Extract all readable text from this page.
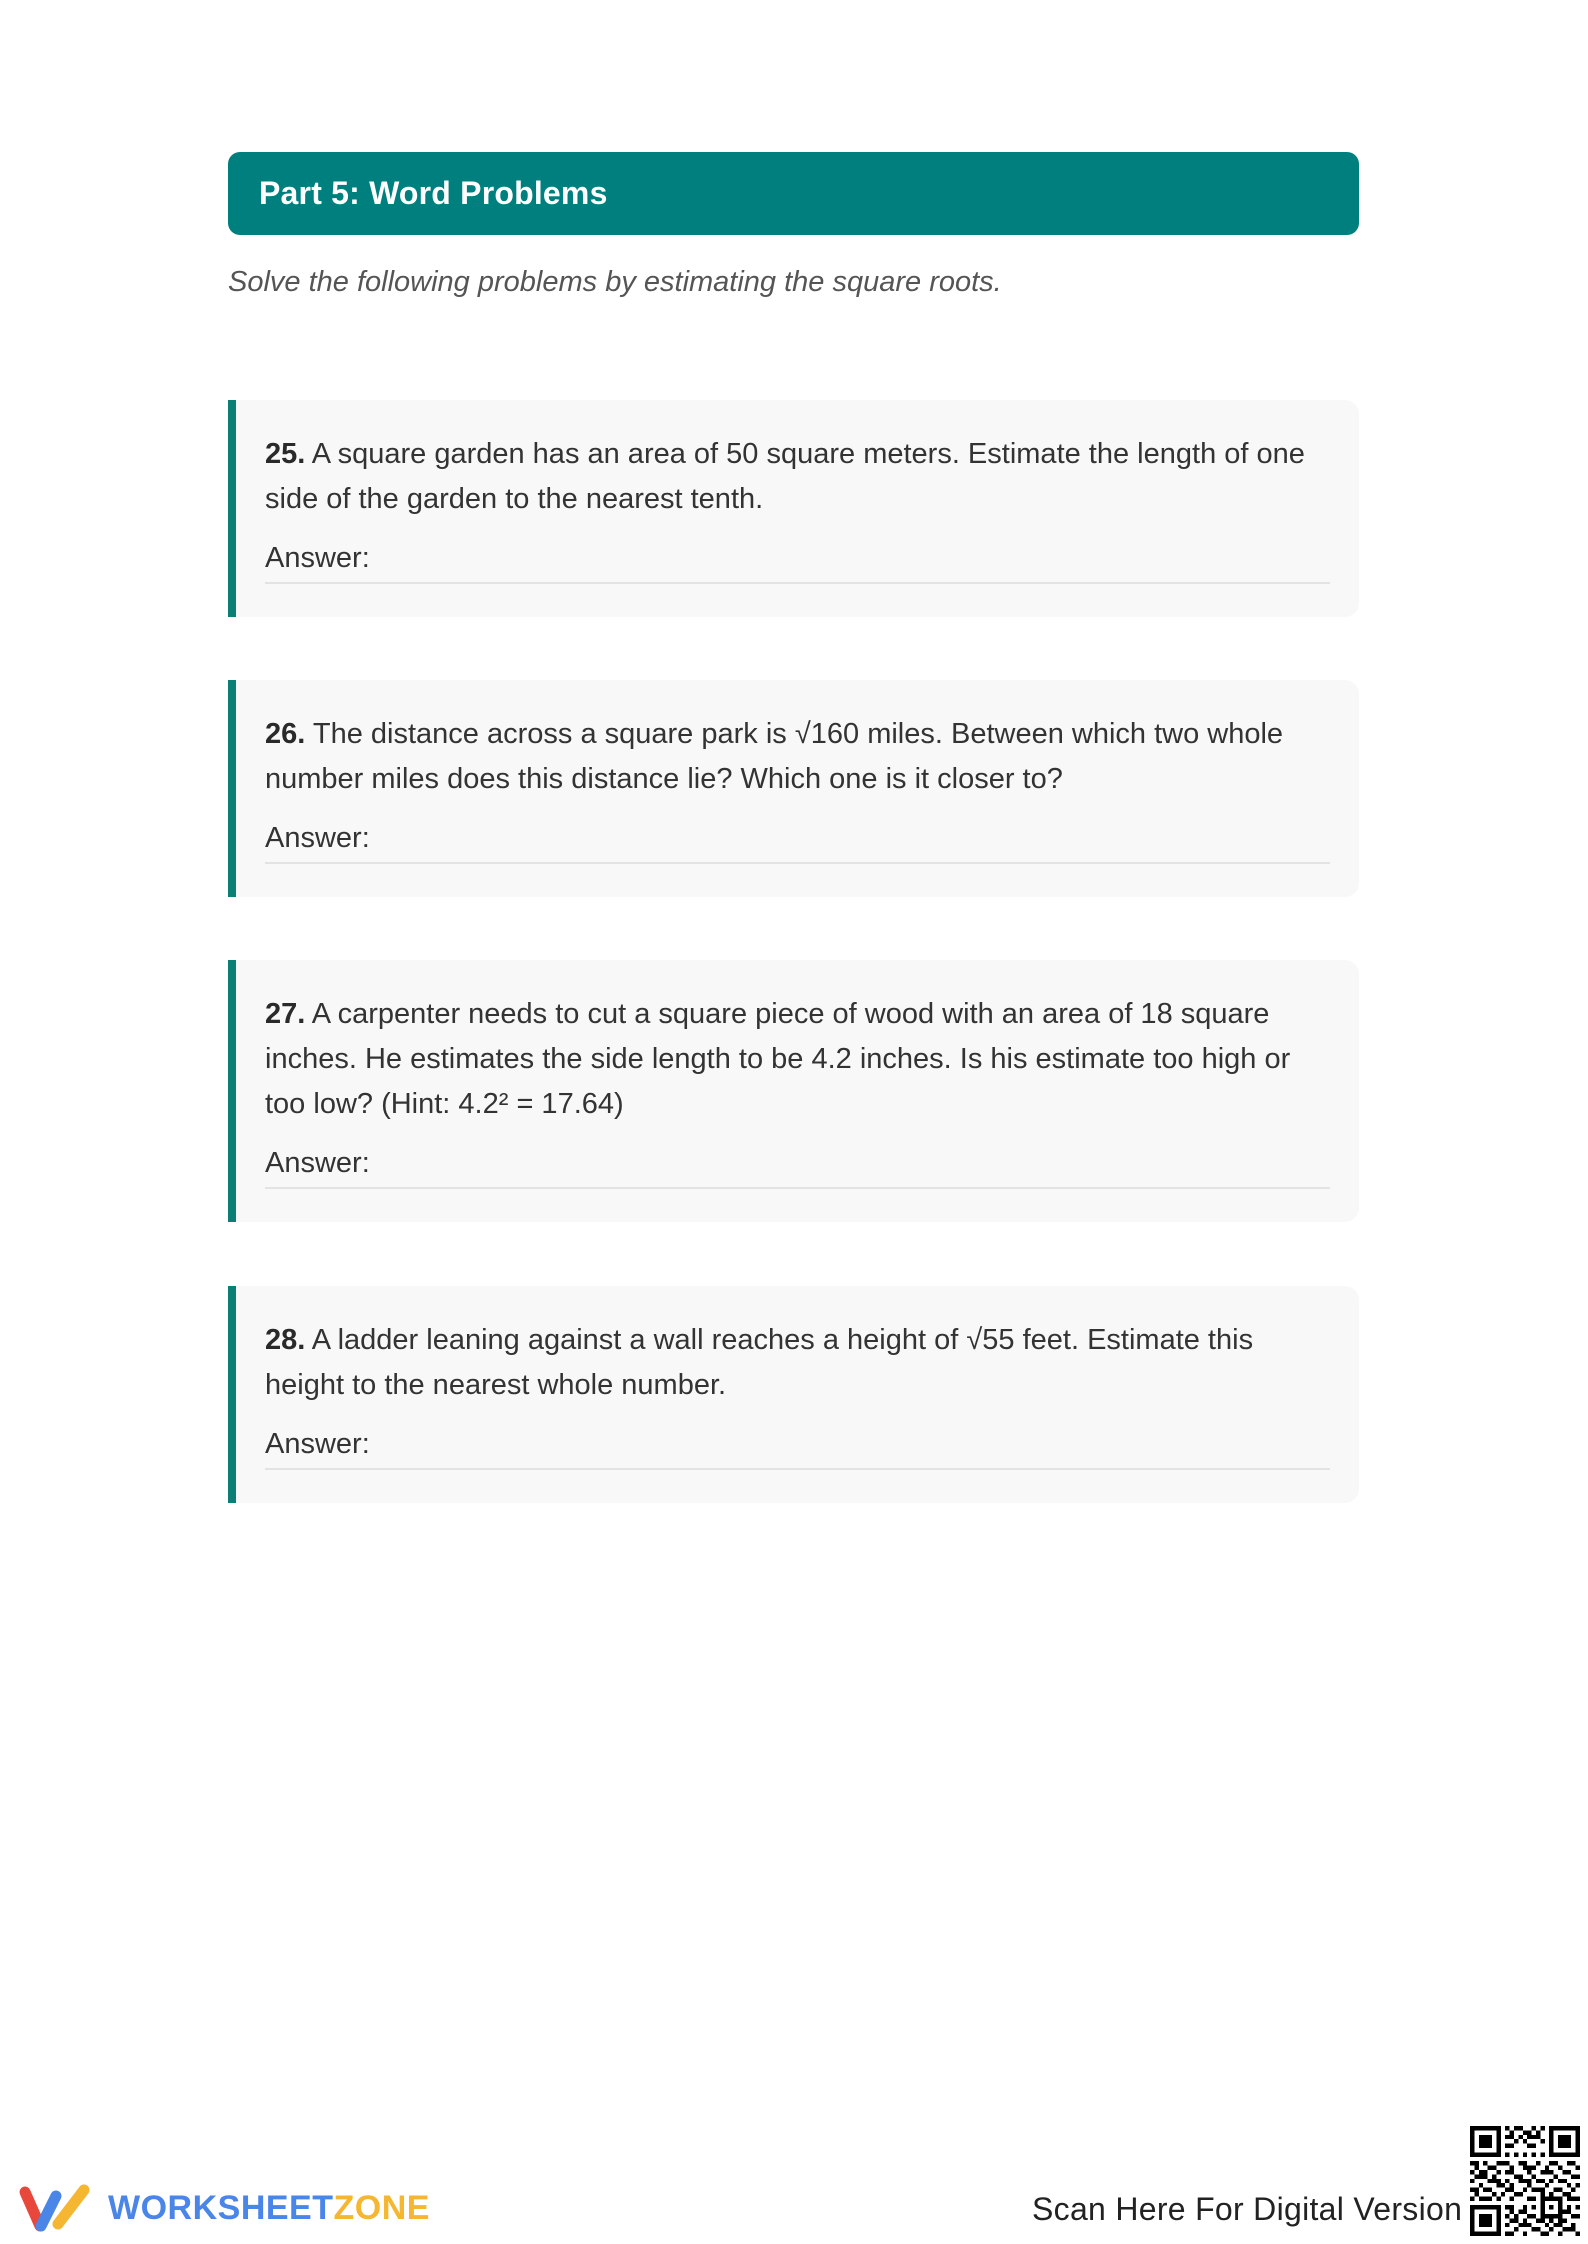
Part 5: Word Problems
Solve the following problems by estimating the square roots.
25. A square garden has an area of 50 square meters. Estimate the length of one side of the garden to the nearest tenth.
Answer:
26. The distance across a square park is √160 miles. Between which two whole number miles does this distance lie? Which one is it closer to?
Answer:
27. A carpenter needs to cut a square piece of wood with an area of 18 square inches. He estimates the side length to be 4.2 inches. Is his estimate too high or too low? (Hint: 4.2² = 17.64)
Answer:
28. A ladder leaning against a wall reaches a height of √55 feet. Estimate this height to the nearest whole number.
Answer:
WORKSHEETZONE	Scan Here For Digital Version
